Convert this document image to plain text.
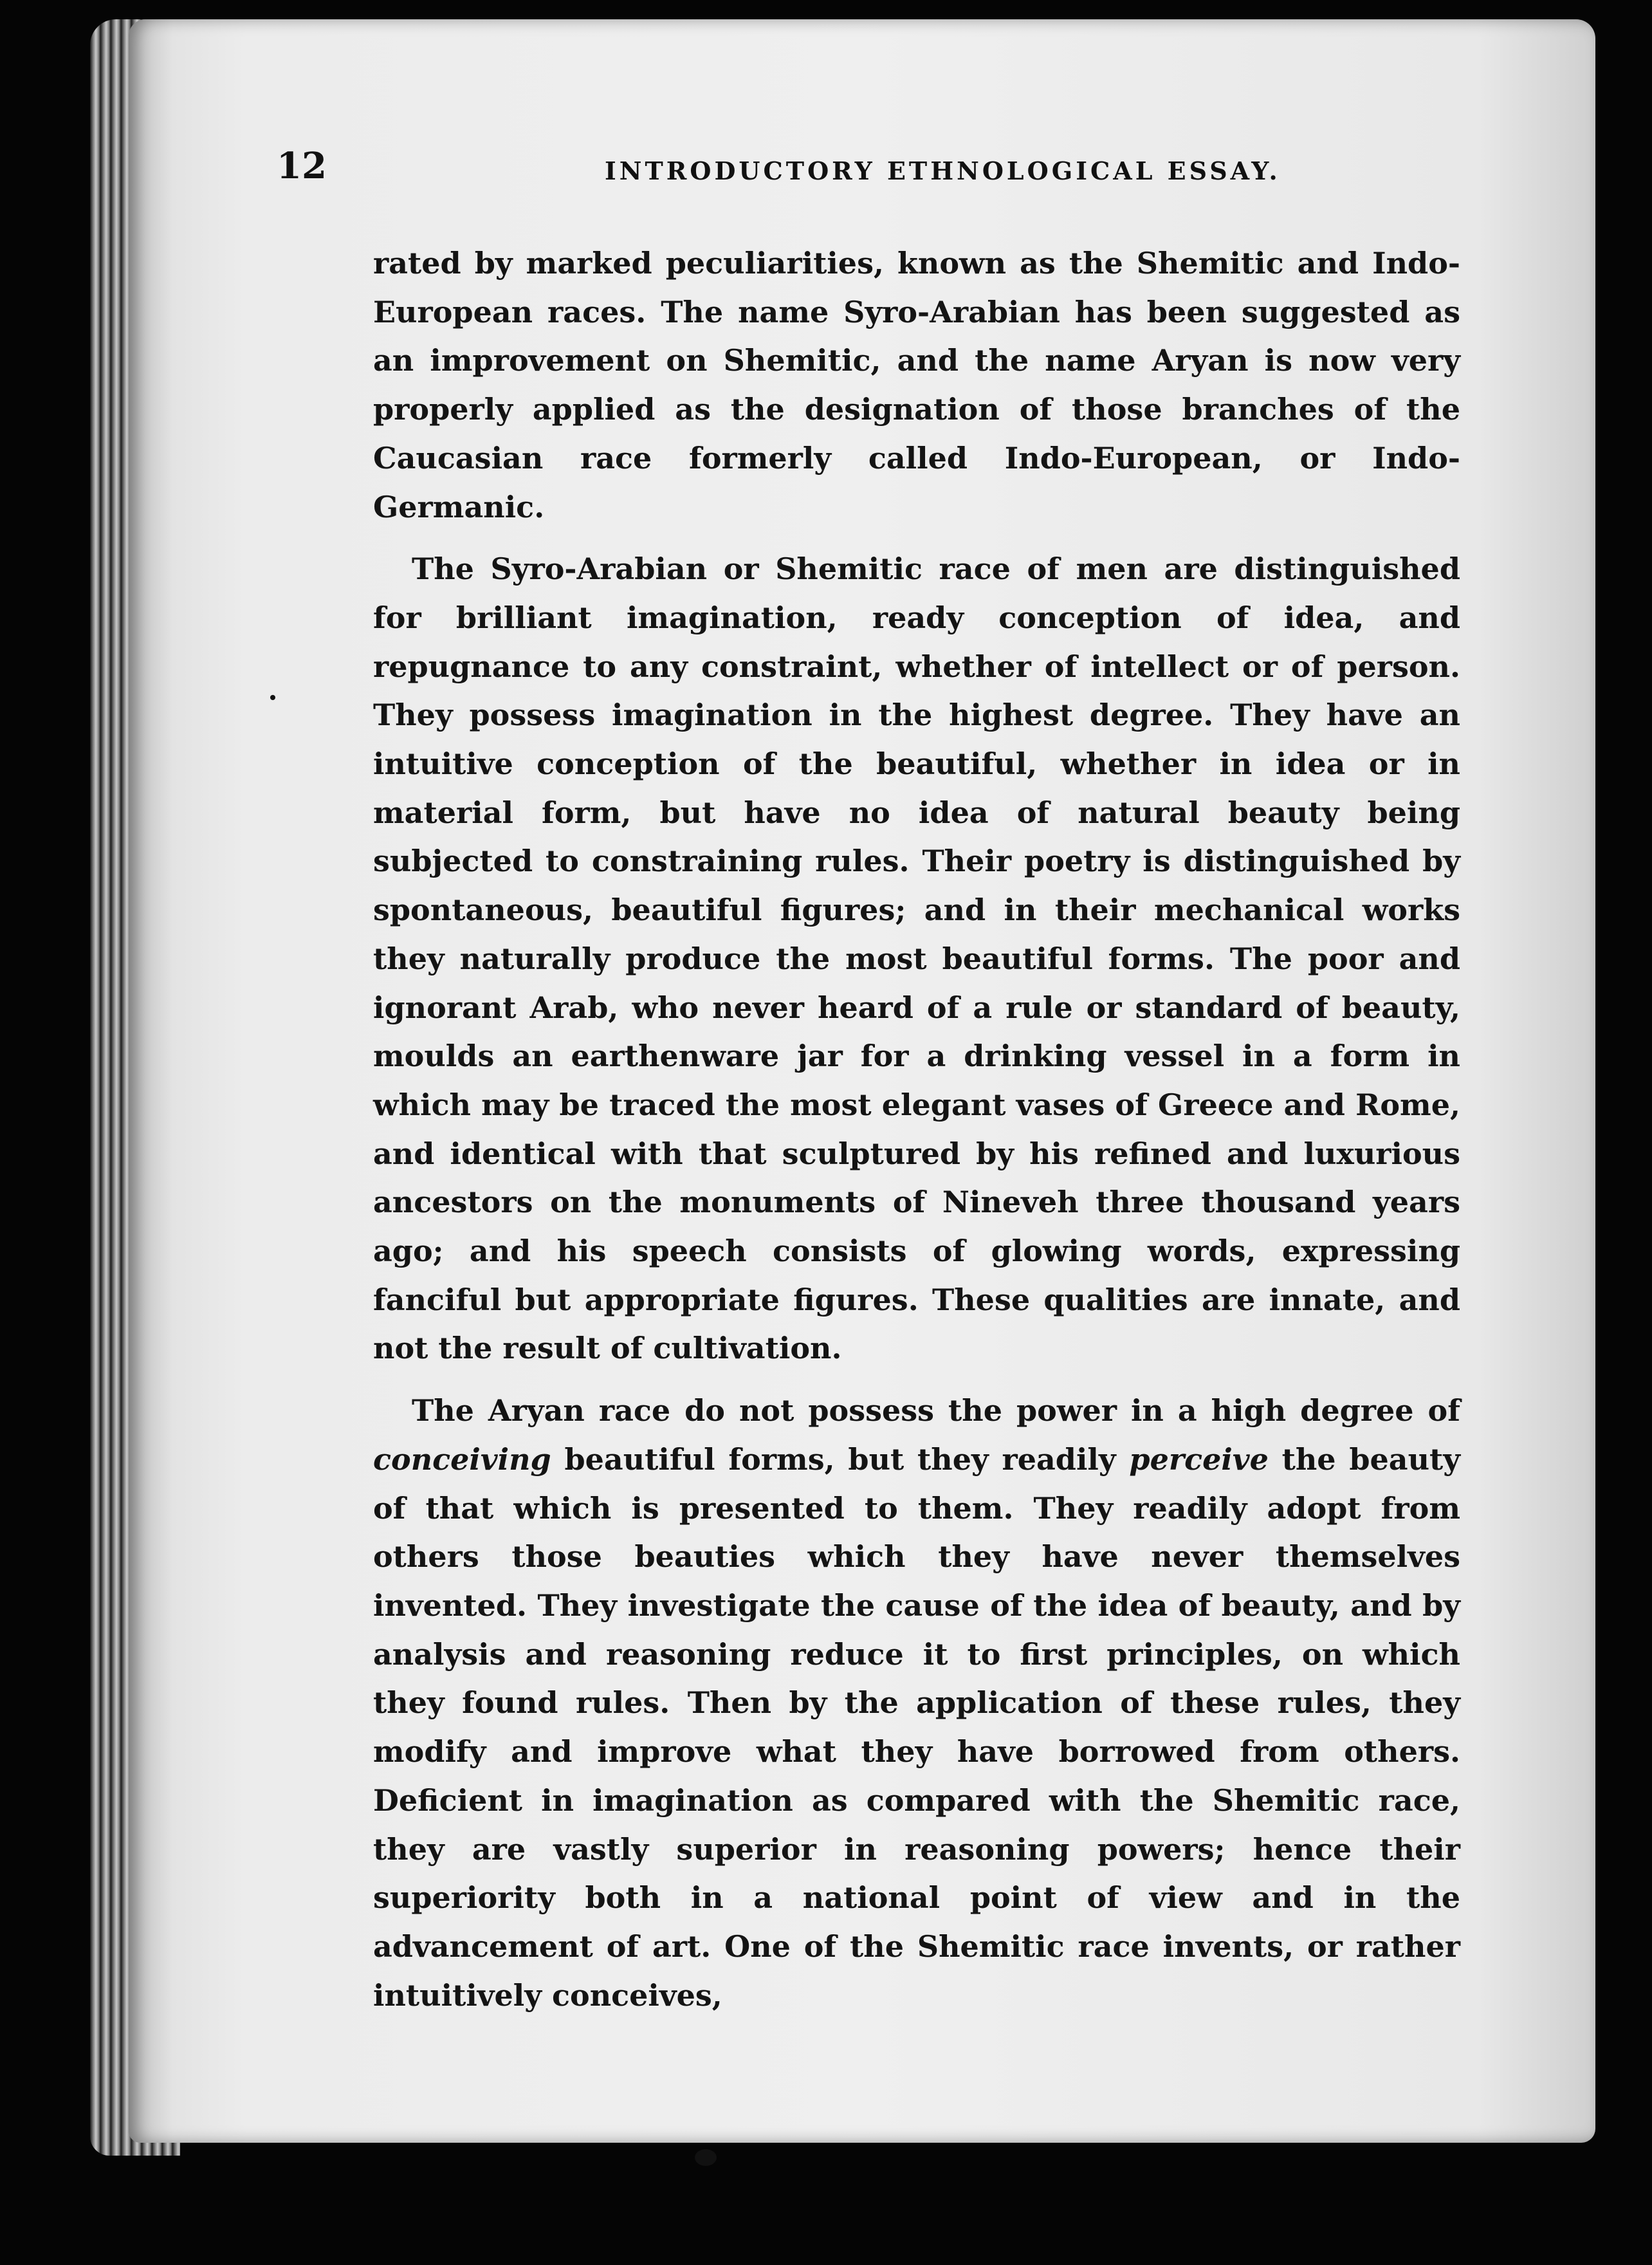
12	INTRODUCTORY ETHNOLOGICAL ESSAY.

rated by marked peculiarities, known as the Shemitic and Indo-European races. The name Syro-Arabian has been suggested as an improvement on Shemitic, and the name Aryan is now very properly applied as the designation of those branches of the Caucasian race formerly called Indo-European, or Indo-Germanic.

The Syro-Arabian or Shemitic race of men are distinguished for brilliant imagination, ready conception of idea, and repugnance to any constraint, whether of intellect or of person. They possess imagination in the highest degree. They have an intuitive conception of the beautiful, whether in idea or in material form, but have no idea of natural beauty being subjected to constraining rules. Their poetry is distinguished by spontaneous, beautiful figures; and in their mechanical works they naturally produce the most beautiful forms. The poor and ignorant Arab, who never heard of a rule or standard of beauty, moulds an earthenware jar for a drinking vessel in a form in which may be traced the most elegant vases of Greece and Rome, and identical with that sculptured by his refined and luxurious ancestors on the monuments of Nineveh three thousand years ago; and his speech consists of glowing words, expressing fanciful but appropriate figures. These qualities are innate, and not the result of cultivation.

The Aryan race do not possess the power in a high degree of conceiving beautiful forms, but they readily perceive the beauty of that which is presented to them. They readily adopt from others those beauties which they have never themselves invented. They investigate the cause of the idea of beauty, and by analysis and reasoning reduce it to first principles, on which they found rules. Then by the application of these rules, they modify and improve what they have borrowed from others. Deficient in imagination as compared with the Shemitic race, they are vastly superior in reasoning powers; hence their superiority both in a national point of view and in the advancement of art. One of the Shemitic race invents, or rather intuitively conceives,
